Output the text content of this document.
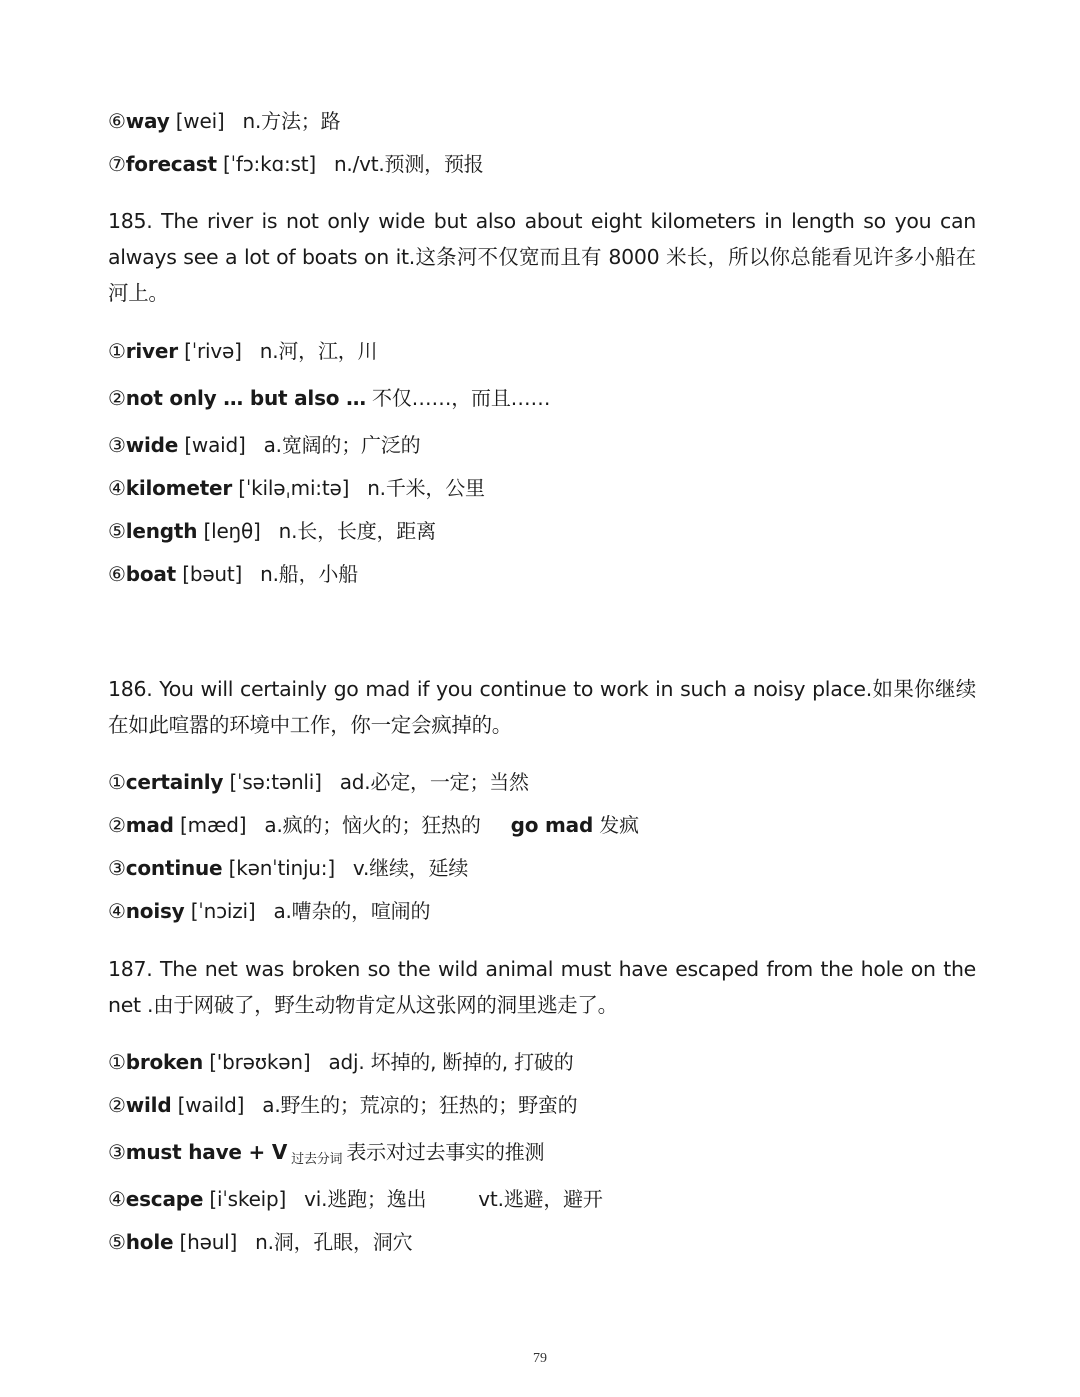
⑥way [wei] n.方法；路
⑦forecast [ˈfɔ:kɑ:st] n./vt.预测，预报
185. The river is not only wide but also about eight kilometers in length so you can always see a lot of boats on it.这条河不仅宽而且有 8000 米长，所以你总能看见许多小船在河上。
①river [ˈrivə] n.河，江，川
②not only … but also … 不仅……，而且……
③wide [waid] a.宽阔的；广泛的
④kilometer [ˈkiləˌmi:tə] n.千米，公里
⑤length [leŋθ] n.长，长度，距离
⑥boat [bəut] n.船，小船
186. You will certainly go mad if you continue to work in such a noisy place.如果你继续在如此喧嚣的环境中工作，你一定会疯掉的。
①certainly [ˈsə:tənli] ad.必定，一定；当然
②mad [mæd] a.疯的；恼火的；狂热的 go mad 发疯
③continue [kənˈtinju:] v.继续，延续
④noisy [ˈnɔizi] a.嘈杂的，喧闹的
187. The net was broken so the wild animal must have escaped from the hole on the net .由于网破了，野生动物肯定从这张网的洞里逃走了。
①broken ['brəʊkən] adj. 坏掉的, 断掉的, 打破的
②wild [waild] a.野生的；荒凉的；狂热的；野蛮的
③must have + V $_{过去分词}$ 表示对过去事实的推测
④escape [iˈskeip] vi.逃跑；逸出	vt.逃避，避开
⑤hole [həul] n.洞，孔眼，洞穴
79
